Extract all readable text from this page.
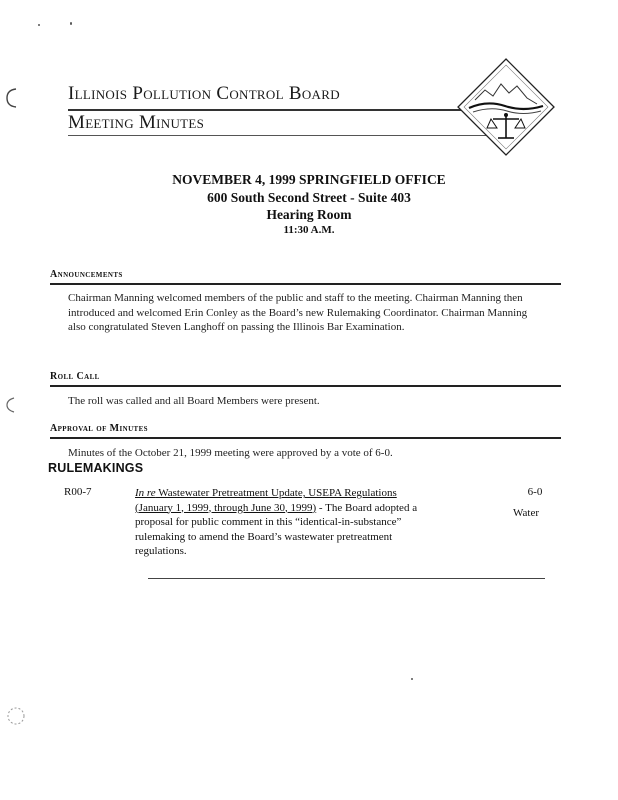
Illinois Pollution Control Board
Meeting Minutes
NOVEMBER 4, 1999 SPRINGFIELD OFFICE
600 South Second Street - Suite 403
Hearing Room
11:30 A.M.
Announcements
Chairman Manning welcomed members of the public and staff to the meeting. Chairman Manning then introduced and welcomed Erin Conley as the Board’s new Rulemaking Coordinator. Chairman Manning also congratulated Steven Langhoff on passing the Illinois Bar Examination.
Roll Call
The roll was called and all Board Members were present.
Approval of Minutes
Minutes of the October 21, 1999 meeting were approved by a vote of 6-0.
RULEMAKINGS
R00-7	In re Wastewater Pretreatment Update, USEPA Regulations (January 1, 1999, through June 30, 1999) - The Board adopted a proposal for public comment in this “identical-in-substance” rulemaking to amend the Board’s wastewater pretreatment regulations.
6-0
Water
